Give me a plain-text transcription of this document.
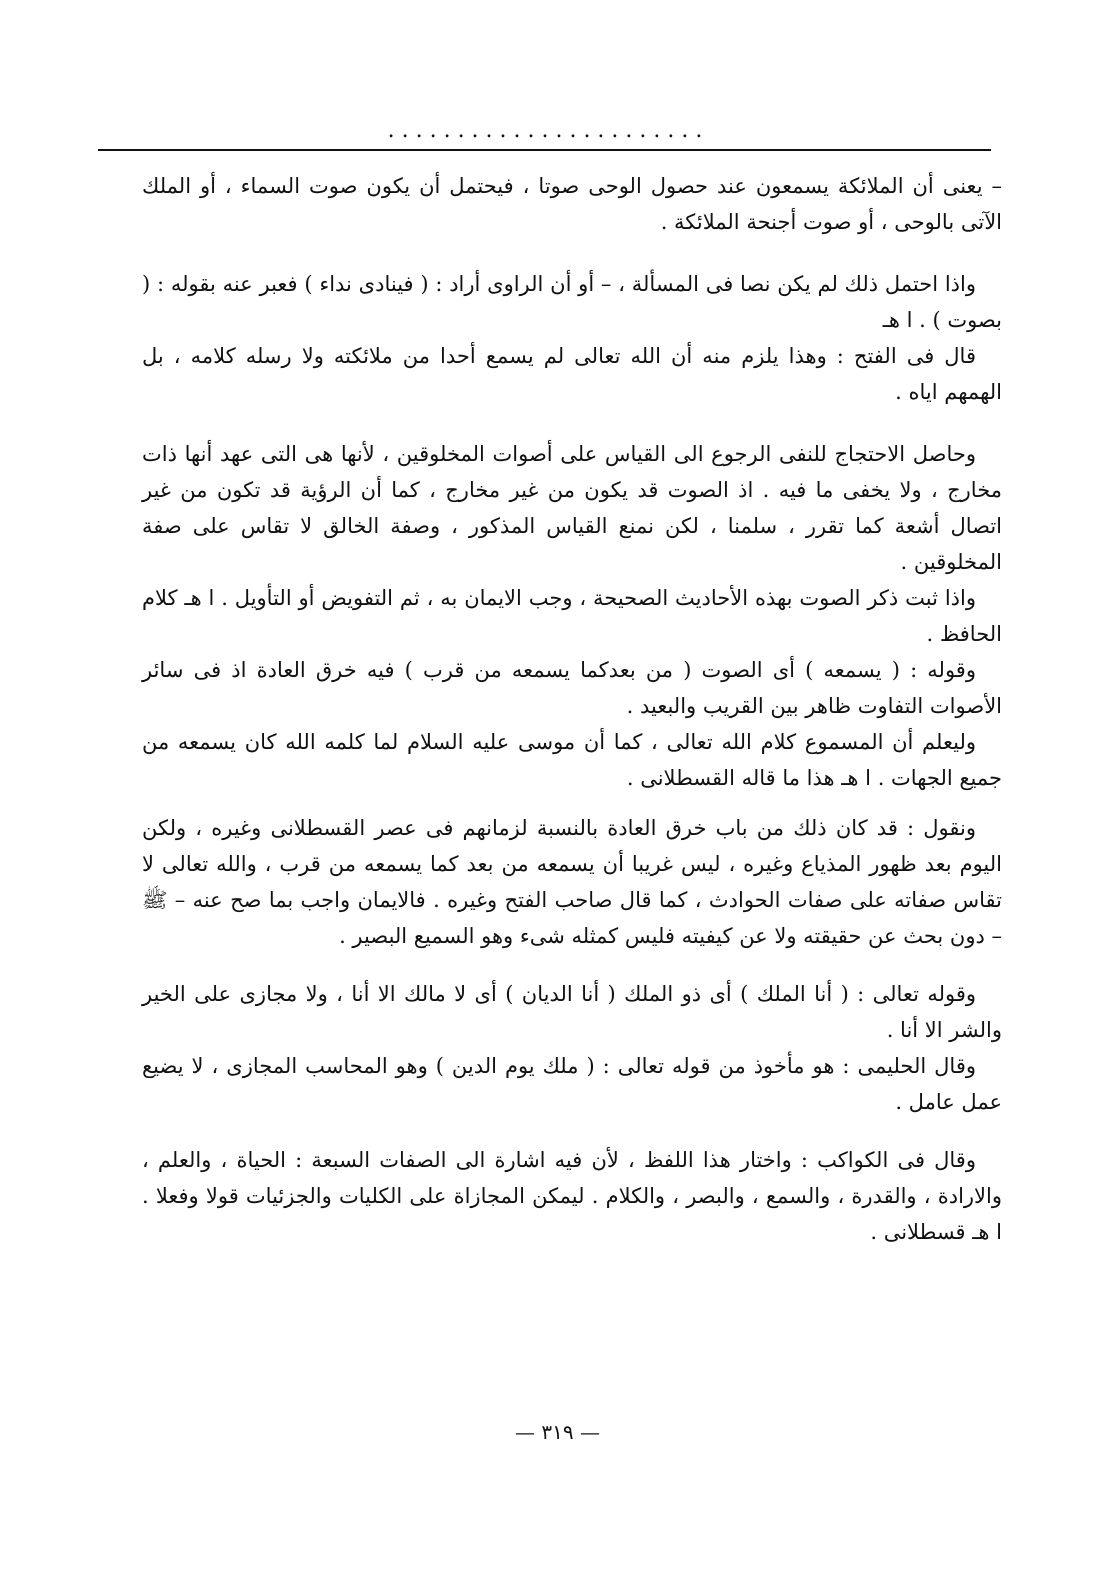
. . . . . . . . . . . . . . . . . . . . . . .

– يعنى أن الملائكة يسمعون عند حصول الوحى صوتا ، فيحتمل أن يكون صوت السماء ، أو الملك الآتى بالوحى ، أو صوت أجنحة الملائكة .

واذا احتمل ذلك لم يكن نصا فى المسألة ، – أو أن الراوى أراد : ( فينادى نداء ) فعبر عنه بقوله : ( بصوت ) . ا هـ

قال فى الفتح : وهذا يلزم منه أن الله تعالى لم يسمع أحدا من ملائكته ولا رسله كلامه ، بل الهمهم اياه .

وحاصل الاحتجاج للنفى الرجوع الى القياس على أصوات المخلوقين ، لأنها هى التى عهد أنها ذات مخارج ، ولا يخفى ما فيه . اذ الصوت قد يكون من غير مخارج ، كما أن الرؤية قد تكون من غير اتصال أشعة كما تقرر ، سلمنا ، لكن نمنع القياس المذكور ، وصفة الخالق لا تقاس على صفة المخلوقين .

واذا ثبت ذكر الصوت بهذه الأحاديث الصحيحة ، وجب الايمان به ، ثم التفويض أو التأويل . ا هـ كلام الحافظ .

وقوله : ( يسمعه ) أى الصوت ( من بعدكما يسمعه من قرب ) فيه خرق العادة اذ فى سائر الأصوات التفاوت ظاهر بين القريب والبعيد .

وليعلم أن المسموع كلام الله تعالى ، كما أن موسى عليه السلام لما كلمه الله كان يسمعه من جميع الجهات . ا هـ هذا ما قاله القسطلانى .

ونقول : قد كان ذلك من باب خرق العادة بالنسبة لزمانهم فى عصر القسطلانى وغيره ، ولكن اليوم بعد ظهور المذياع وغيره ، ليس غريبا أن يسمعه من بعد كما يسمعه من قرب ، والله تعالى لا تقاس صفاته على صفات الحوادث ، كما قال صاحب الفتح وغيره . فالايمان واجب بما صح عنه – ﷺ – دون بحث عن حقيقته ولا عن كيفيته فليس كمثله شىء وهو السميع البصير .

وقوله تعالى : ( أنا الملك ) أى ذو الملك ( أنا الديان ) أى لا مالك الا أنا ، ولا مجازى على الخير والشر الا أنا .

وقال الحليمى : هو مأخوذ من قوله تعالى : ( ملك يوم الدين ) وهو المحاسب المجازى ، لا يضيع عمل عامل .

وقال فى الكواكب : واختار هذا اللفظ ، لأن فيه اشارة الى الصفات السبعة : الحياة ، والعلم ، والارادة ، والقدرة ، والسمع ، والبصر ، والكلام . ليمكن المجازاة على الكليات والجزئيات قولا وفعلا . ا هـ قسطلانى .

— ٣١٩ —
